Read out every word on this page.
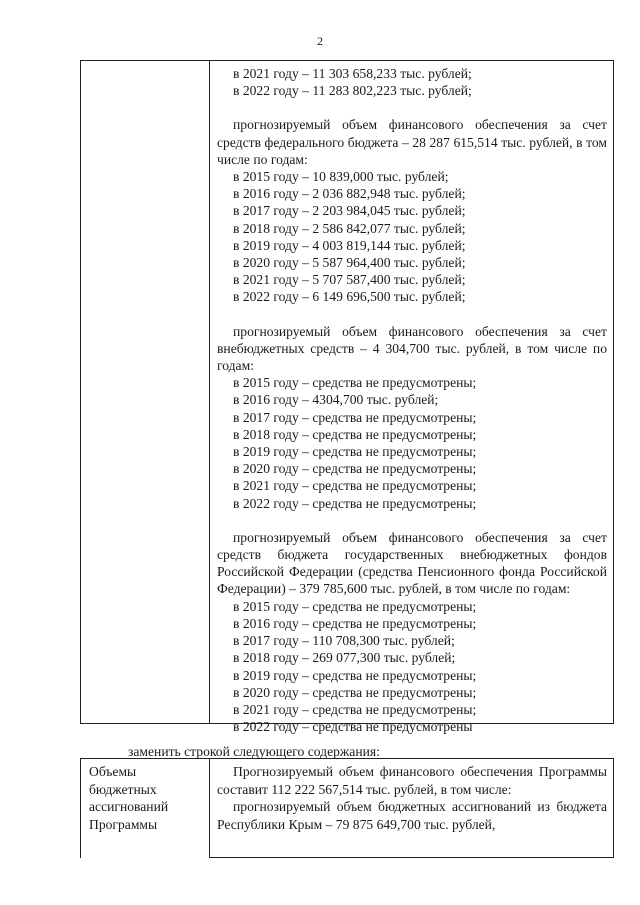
2
в 2021 году – 11 303 658,233 тыс. рублей;
в 2022 году – 11 283 802,223 тыс. рублей;
прогнозируемый объем финансового обеспечения за счет средств федерального бюджета – 28 287 615,514 тыс. рублей, в том числе по годам:
в 2015 году – 10 839,000 тыс. рублей;
в 2016 году – 2 036 882,948 тыс. рублей;
в 2017 году – 2 203 984,045 тыс. рублей;
в 2018 году – 2 586 842,077 тыс. рублей;
в 2019 году – 4 003 819,144 тыс. рублей;
в 2020 году – 5 587 964,400 тыс. рублей;
в 2021 году – 5 707 587,400 тыс. рублей;
в 2022 году – 6 149 696,500 тыс. рублей;
прогнозируемый объем финансового обеспечения за счет внебюджетных средств – 4 304,700 тыс. рублей, в том числе по годам:
в 2015 году – средства не предусмотрены;
в 2016 году – 4304,700 тыс. рублей;
в 2017 году – средства не предусмотрены;
в 2018 году – средства не предусмотрены;
в 2019 году – средства не предусмотрены;
в 2020 году – средства не предусмотрены;
в 2021 году – средства не предусмотрены;
в 2022 году – средства не предусмотрены;
прогнозируемый объем финансового обеспечения за счет средств бюджета государственных внебюджетных фондов Российской Федерации (средства Пенсионного фонда Российской Федерации) – 379 785,600 тыс. рублей, в том числе по годам:
в 2015 году – средства не предусмотрены;
в 2016 году – средства не предусмотрены;
в 2017 году – 110 708,300 тыс. рублей;
в 2018 году – 269 077,300 тыс. рублей;
в 2019 году – средства не предусмотрены;
в 2020 году – средства не предусмотрены;
в 2021 году – средства не предусмотрены;
в 2022 году – средства не предусмотрены
заменить строкой следующего содержания:
Объемы
бюджетных
ассигнований
Программы
Прогнозируемый объем финансового обеспечения Программы составит 112 222 567,514 тыс. рублей, в том числе:
прогнозируемый объем бюджетных ассигнований из бюджета Республики Крым – 79 875 649,700 тыс. рублей,
